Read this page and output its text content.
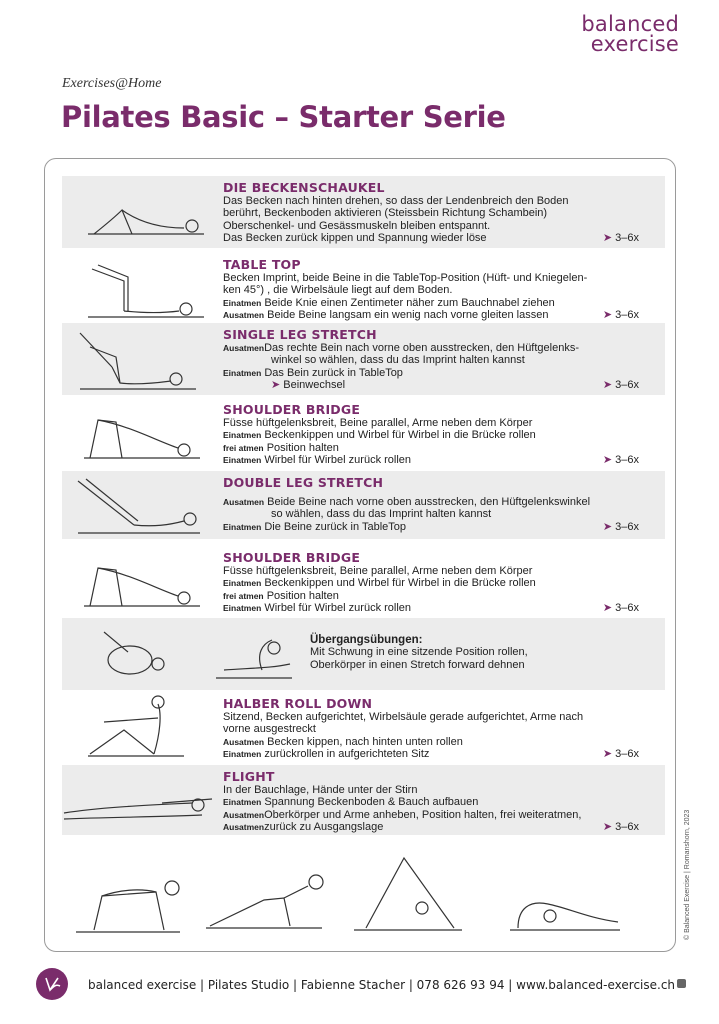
balanced
exercise
Exercises@Home
Pilates Basic – Starter Serie
DIE BECKENSCHAUKEL
Das Becken nach hinten drehen, so dass der Lendenbreich den Boden
berührt, Beckenboden aktivieren (Steissbein Richtung Schambein)
Oberschenkel- und Gesässmuskeln bleiben entspannt.
Das Becken zurück kippen und Spannung wieder löse	➤ 3–6x
TABLE TOP
Becken Imprint, beide Beine in die TableTop-Position (Hüft- und Kniegelen-
ken 45°) , die Wirbelsäule liegt auf dem Boden.
Einatmen Beide Knie einen Zentimeter näher zum Bauchnabel ziehen
Ausatmen Beide Beine langsam ein wenig nach vorne gleiten lassen	➤ 3–6x
SINGLE LEG STRETCH
AusatmenDas rechte Bein nach vorne oben ausstrecken, den Hüftgelenks-
winkel so wählen, dass du das Imprint halten kannst
Einatmen Das Bein zurück in TableTop
➤ Beinwechsel	➤ 3–6x
SHOULDER BRIDGE
Füsse hüftgelenksbreit, Beine parallel, Arme neben dem Körper
Einatmen Beckenkippen und Wirbel für Wirbel in die Brücke rollen
frei atmen Position halten
Einatmen Wirbel für Wirbel zurück rollen	➤ 3–6x
DOUBLE LEG STRETCH
Ausatmen Beide Beine nach vorne oben ausstrecken, den Hüftgelenkswinkel
so wählen, dass du das Imprint halten kannst
Einatmen Die Beine zurück in TableTop	➤ 3–6x
SHOULDER BRIDGE
Füsse hüftgelenksbreit, Beine parallel, Arme neben dem Körper
Einatmen Beckenkippen und Wirbel für Wirbel in die Brücke rollen
frei atmen Position halten
Einatmen Wirbel für Wirbel zurück rollen	➤ 3–6x
Übergangsübungen:
Mit Schwung in eine sitzende Position rollen,
Oberkörper in einen Stretch forward dehnen
HALBER ROLL DOWN
Sitzend, Becken aufgerichtet, Wirbelsäule gerade aufgerichtet, Arme nach
vorne ausgestreckt
Ausatmen Becken kippen, nach hinten unten rollen
Einatmen zurückrollen in aufgerichteten Sitz	➤ 3–6x
FLIGHT
In der Bauchlage, Hände unter der Stirn
Einatmen Spannung Beckenboden & Bauch aufbauen
AusatmenOberkörper und Arme anheben, Position halten, frei weiteratmen,
Ausatmenzurück zu Ausgangslage	➤ 3–6x	© Balanced Exercise | Romanshorn, 2023
balanced exercise | Pilates Studio | Fabienne Stacher | 078 626 93 94 | www.balanced-exercise.ch
